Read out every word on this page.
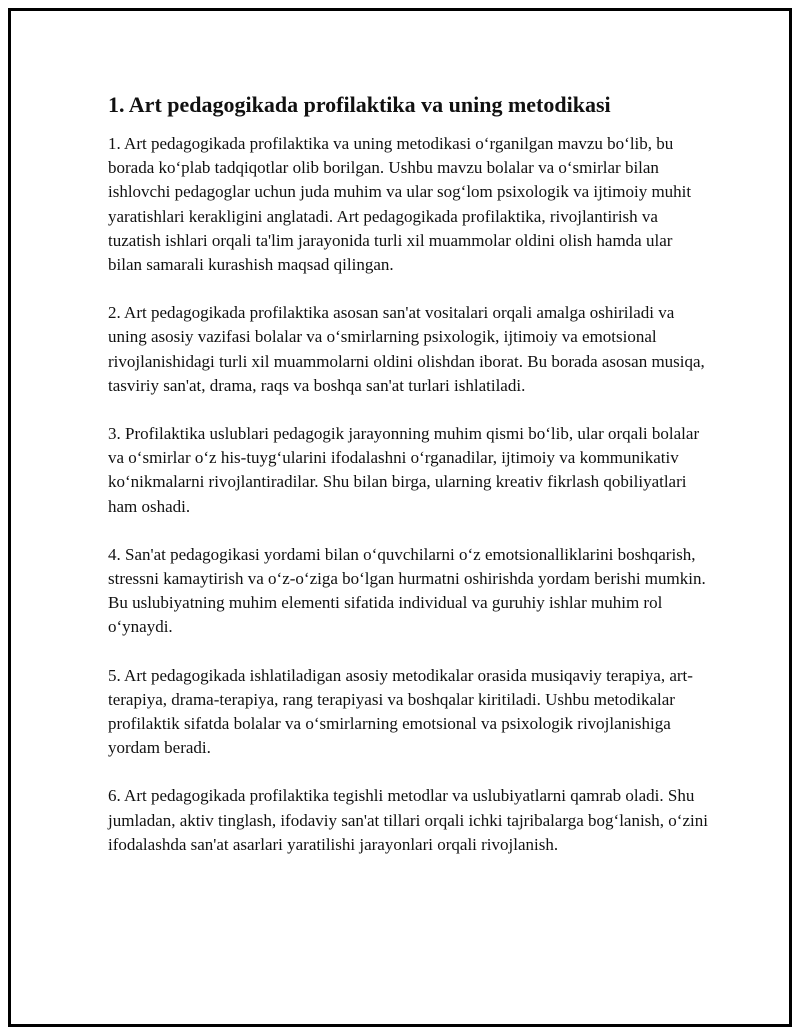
1. Art pedagogikada profilaktika va uning metodikasi

1. Art pedagogikada profilaktika va uning metodikasi o‘rganilgan mavzu bo‘lib, bu borada ko‘plab tadqiqotlar olib borilgan. Ushbu mavzu bolalar va o‘smirlar bilan ishlovchi pedagoglar uchun juda muhim va ular sog‘lom psixologik va ijtimoiy muhit yaratishlari kerakligini anglatadi. Art pedagogikada profilaktika, rivojlantirish va tuzatish ishlari orqali ta'lim jarayonida turli xil muammolar oldini olish hamda ular bilan samarali kurashish maqsad qilingan.

2. Art pedagogikada profilaktika asosan san'at vositalari orqali amalga oshiriladi va uning asosiy vazifasi bolalar va o‘smirlarning psixologik, ijtimoiy va emotsional rivojlanishidagi turli xil muammolarni oldini olishdan iborat. Bu borada asosan musiqa, tasviriy san'at, drama, raqs va boshqa san'at turlari ishlatiladi.

3. Profilaktika uslublari pedagogik jarayonning muhim qismi bo‘lib, ular orqali bolalar va o‘smirlar o‘z his-tuyg‘ularini ifodalashni o‘rganadilar, ijtimoiy va kommunikativ ko‘nikmalarni rivojlantiradilar. Shu bilan birga, ularning kreativ fikrlash qobiliyatlari ham oshadi.

4. San'at pedagogikasi yordami bilan o‘quvchilarni o‘z emotsionalliklarini boshqarish, stressni kamaytirish va o‘z-o‘ziga bo‘lgan hurmatni oshirishda yordam berishi mumkin. Bu uslubiyatning muhim elementi sifatida individual va guruhiy ishlar muhim rol o‘ynaydi.

5. Art pedagogikada ishlatiladigan asosiy metodikalar orasida musiqaviy terapiya, art-terapiya, drama-terapiya, rang terapiyasi va boshqalar kiritiladi. Ushbu metodikalar profilaktik sifatda bolalar va o‘smirlarning emotsional va psixologik rivojlanishiga yordam beradi.

6. Art pedagogikada profilaktika tegishli metodlar va uslubiyatlarni qamrab oladi. Shu jumladan, aktiv tinglash, ifodaviy san'at tillari orqali ichki tajribalarga bog‘lanish, o‘zini ifodalashda san'at asarlari yaratilishi jarayonlari orqali rivojlanish.
